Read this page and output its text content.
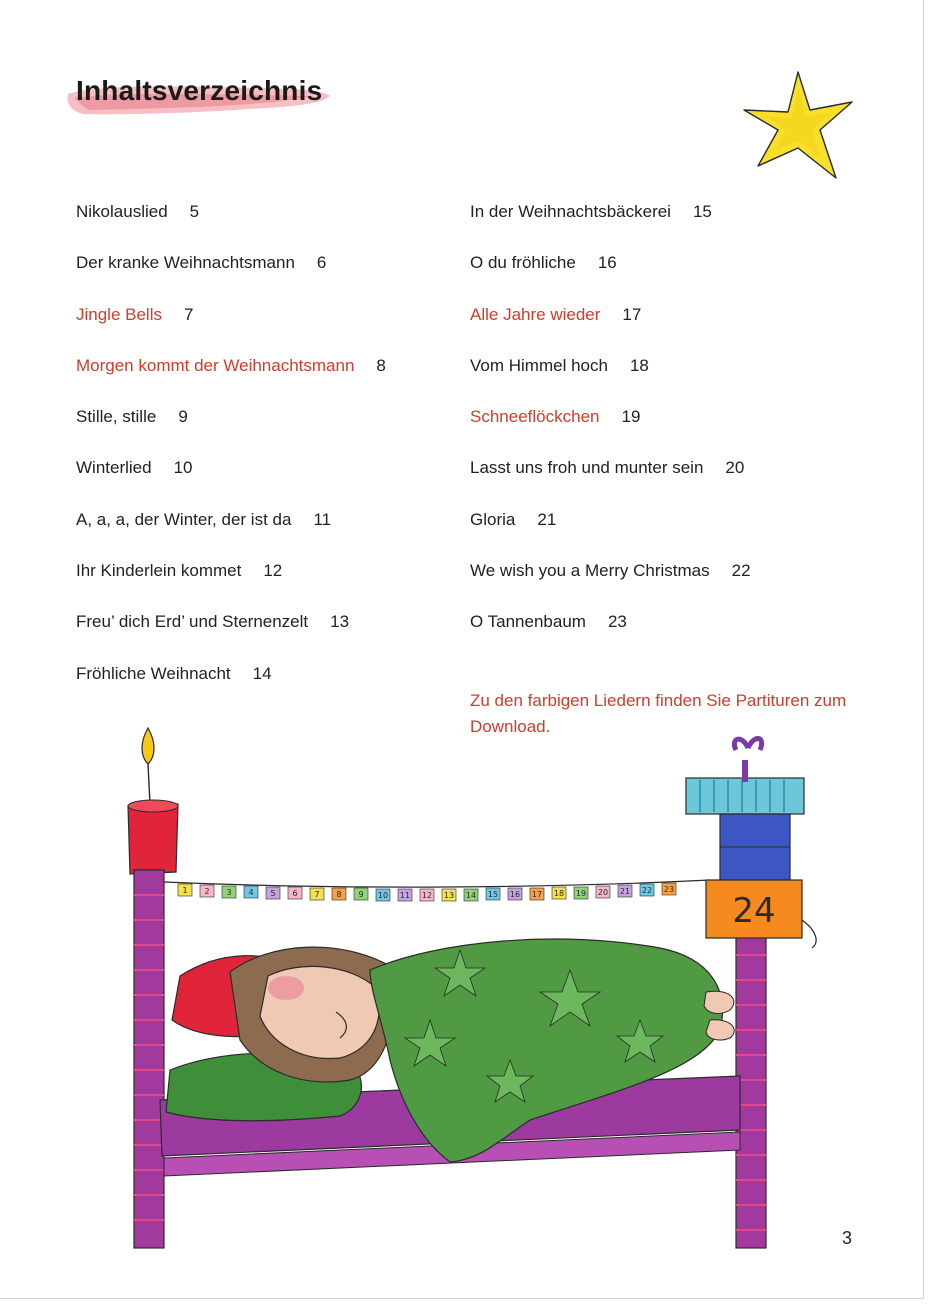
Inhaltsverzeichnis
Nikolauslied 5
Der kranke Weihnachtsmann 6
Jingle Bells 7
Morgen kommt der Weihnachtsmann 8
Stille, stille 9
Winterlied 10
A, a, a, der Winter, der ist da 11
Ihr Kinderlein kommet 12
Freu’ dich Erd’ und Sternenzelt 13
Fröhliche Weihnacht 14
In der Weihnachtsbäckerei 15
O du fröhliche 16
Alle Jahre wieder 17
Vom Himmel hoch 18
Schneeflöckchen 19
Lasst uns froh und munter sein 20
Gloria 21
We wish you a Merry Christmas 22
O Tannenbaum 23
Zu den farbigen Liedern finden Sie Partituren zum Download.
1 2 3 4 5 6 7 8 9 10 11 12 13 14 15 16 17 18 19 20 21 22 23
24
3
